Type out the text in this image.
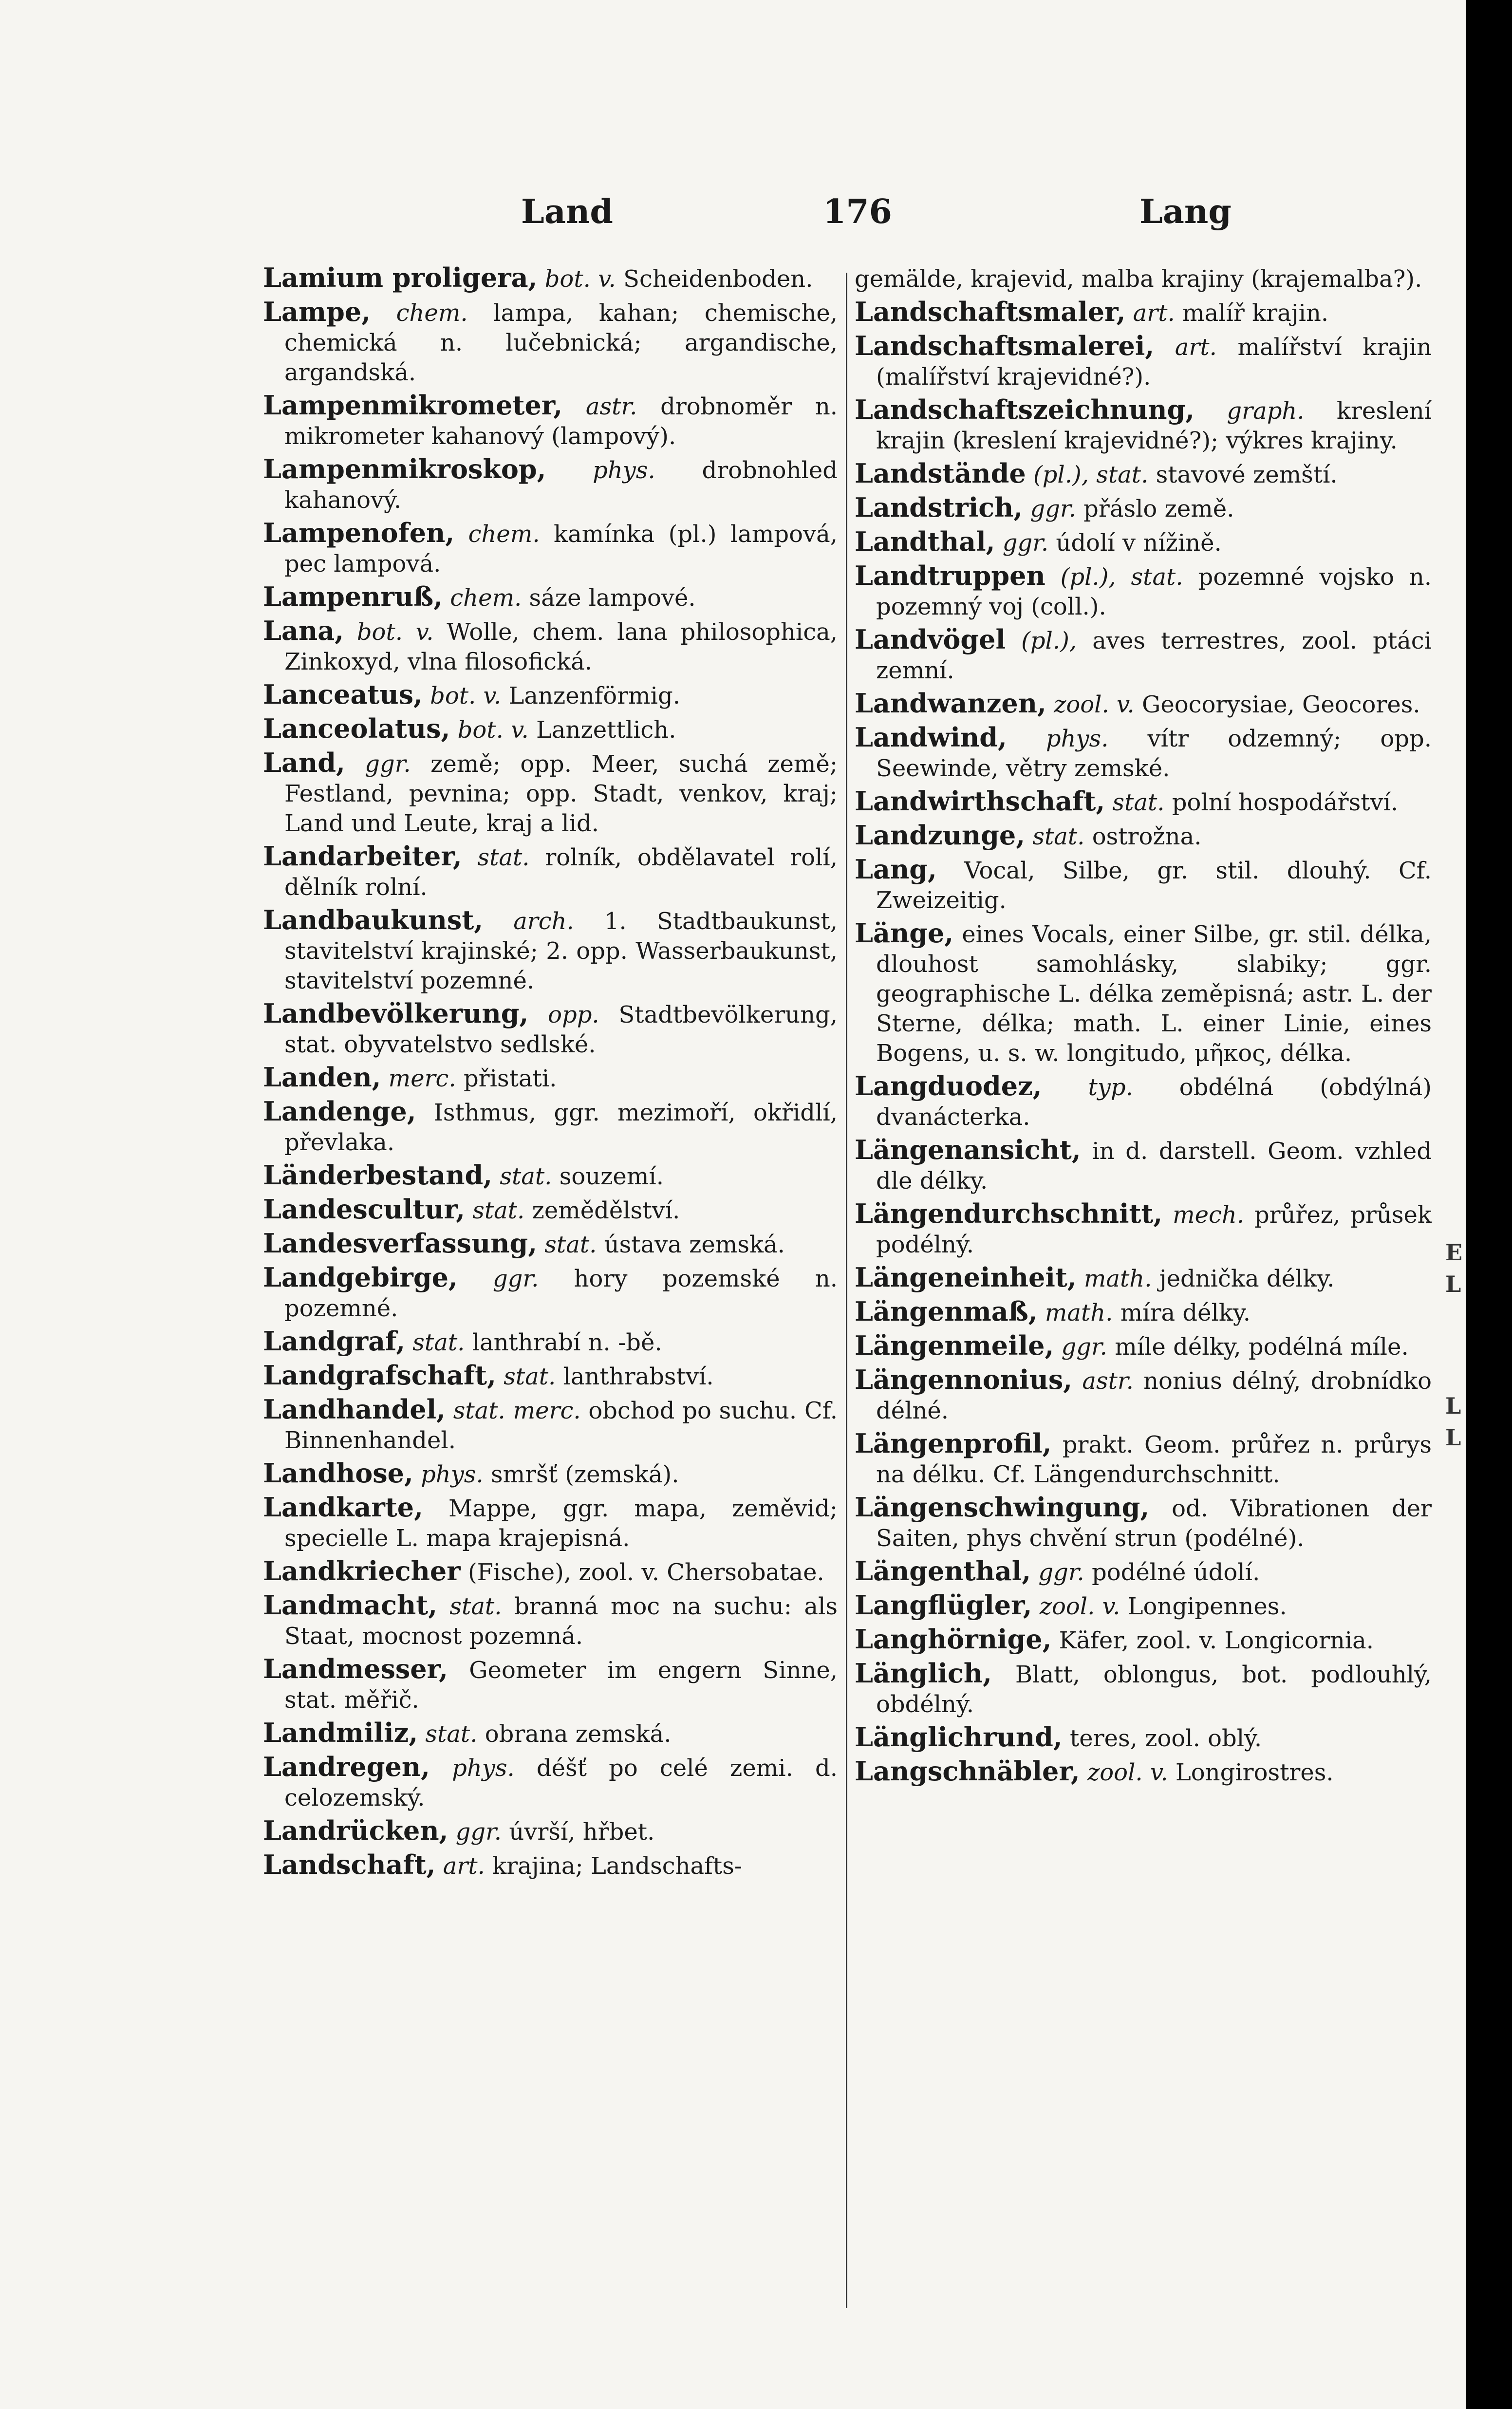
Land	176	Lang

Lamium proligera, bot. v. Scheidenboden.

Lampe, chem. lampa, kahan; chemische, chemická n. lučebnická; argandische, argandská.

Lampenmikrometer, astr. drobnoměr n. mikrometer kahanový (lampový).

Lampenmikroskop, phys. drobnohled kahanový.

Lampenofen, chem. kamínka (pl.) lampová, pec lampová.

Lampenruß, chem. sáze lampové.

Lana, bot. v. Wolle, chem. lana philosophica, Zinkoxyd, vlna filosofická.

Lanceatus, bot. v. Lanzenförmig.

Lanceolatus, bot. v. Lanzettlich.

Land, ggr. země; opp. Meer, suchá země; Festland, pevnina; opp. Stadt, venkov, kraj; Land und Leute, kraj a lid.

Landarbeiter, stat. rolník, obdělavatel rolí, dělník rolní.

Landbaukunst, arch. 1. Stadtbaukunst, stavitelství krajinské; 2. opp. Wasserbaukunst, stavitelství pozemné.

Landbevölkerung, opp. Stadtbevölkerung, stat. obyvatelstvo sedlské.

Landen, merc. přistati.

Landenge, Isthmus, ggr. mezimoří, okřidlí, převlaka.

Länderbestand, stat. souzemí.

Landescultur, stat. zemědělství.

Landesverfassung, stat. ústava zemská.

Landgebirge, ggr. hory pozemské n. pozemné.

Landgraf, stat. lanthrabí n. -bě.

Landgrafschaft, stat. lanthrabství.

Landhandel, stat. merc. obchod po suchu. Cf. Binnenhandel.

Landhose, phys. smršť (zemská).

Landkarte, Mappe, ggr. mapa, zeměvid; specielle L. mapa krajepisná.

Landkriecher (Fische), zool. v. Chersobatae.

Landmacht, stat. branná moc na suchu: als Staat, mocnost pozemná.

Landmesser, Geometer im engern Sinne, stat. měřič.

Landmiliz, stat. obrana zemská.

Landregen, phys. déšť po celé zemi. d. celozemský.

Landrücken, ggr. úvrší, hřbet.

Landschaft, art. krajina; Landschafts-

gemälde, krajevid, malba krajiny (krajemalba?).

Landschaftsmaler, art. malíř krajin.

Landschaftsmalerei, art. malířství krajin (malířství krajevidné?).

Landschaftszeichnung, graph. kreslení krajin (kreslení krajevidné?); výkres krajiny.

Landstände (pl.), stat. stavové zemští.

Landstrich, ggr. přáslo země.

Landthal, ggr. údolí v nížině.

Landtruppen (pl.), stat. pozemné vojsko n. pozemný voj (coll.).

Landvögel (pl.), aves terrestres, zool. ptáci zemní.

Landwanzen, zool. v. Geocorysiae, Geocores.

Landwind, phys. vítr odzemný; opp. Seewinde, větry zemské.

Landwirthschaft, stat. polní hospodářství.

Landzunge, stat. ostrožna.

Lang, Vocal, Silbe, gr. stil. dlouhý. Cf. Zweizeitig.

Länge, eines Vocals, einer Silbe, gr. stil. délka, dlouhost samohlásky, slabiky; ggr. geographische L. délka zeměpisná; astr. L. der Sterne, délka; math. L. einer Linie, eines Bogens, u. s. w. longitudo, μῆκος, délka.

Langduodez, typ. obdélná (obdýlná) dvanácterka.

Längenansicht, in d. darstell. Geom. vzhled dle délky.

Längendurchschnitt, mech. průřez, průsek podélný.

Längeneinheit, math. jednička délky.

Längenmaß, math. míra délky.

Längenmeile, ggr. míle délky, podélná míle.

Längennonius, astr. nonius délný, drobnídko délné.

Längenprofil, prakt. Geom. průřez n. průrys na délku. Cf. Längendurchschnitt.

Längenschwingung, od. Vibrationen der Saiten, phys chvění strun (podélné).

Längenthal, ggr. podélné údolí.

Langflügler, zool. v. Longipennes.

Langhörnige, Käfer, zool. v. Longicornia.

Länglich, Blatt, oblongus, bot. podlouhlý, obdélný.

Länglichrund, teres, zool. oblý.

Langschnäbler, zool. v. Longirostres.

E
L
L
L
